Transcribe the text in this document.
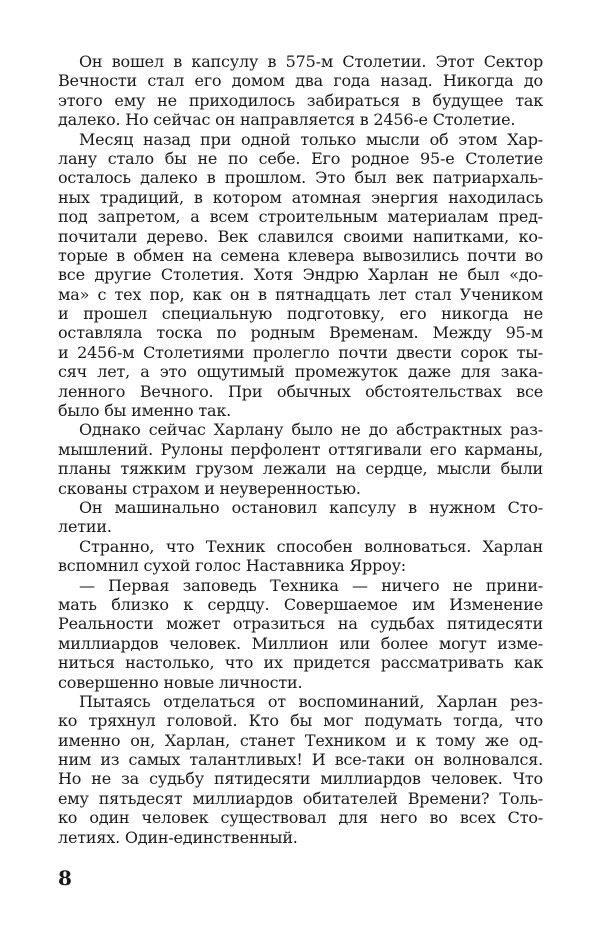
Он вошел в капсулу в 575-м Столетии. Этот Сектор
Вечности стал его домом два года назад. Никогда до
этого ему не приходилось забираться в будущее так
далеко. Но сейчас он направляется в 2456-е Столетие.
Месяц назад при одной только мысли об этом Хар-
лану стало бы не по себе. Его родное 95-е Столетие
осталось далеко в прошлом. Это был век патриархаль-
ных традиций, в котором атомная энергия находилась
под запретом, а всем строительным материалам пред-
почитали дерево. Век славился своими напитками, ко-
торые в обмен на семена клевера вывозились почти во
все другие Столетия. Хотя Эндрю Харлан не был «до-
ма» с тех пор, как он в пятнадцать лет стал Учеником
и прошел специальную подготовку, его никогда не
оставляла тоска по родным Временам. Между 95-м
и 2456-м Столетиями пролегло почти двести сорок ты-
сяч лет, а это ощутимый промежуток даже для зака-
ленного Вечного. При обычных обстоятельствах все
было бы именно так.
Однако сейчас Харлану было не до абстрактных раз-
мышлений. Рулоны перфолент оттягивали его карманы,
планы тяжким грузом лежали на сердце, мысли были
скованы страхом и неуверенностью.
Он машинально остановил капсулу в нужном Сто-
летии.
Странно, что Техник способен волноваться. Харлан
вспомнил сухой голос Наставника Ярроу:
— Первая заповедь Техника — ничего не прини-
мать близко к сердцу. Совершаемое им Изменение
Реальности может отразиться на судьбах пятидесяти
миллиардов человек. Миллион или более могут изме-
ниться настолько, что их придется рассматривать как
совершенно новые личности.
Пытаясь отделаться от воспоминаний, Харлан рез-
ко тряхнул головой. Кто бы мог подумать тогда, что
именно он, Харлан, станет Техником и к тому же од-
ним из самых талантливых! И все-таки он волновался.
Но не за судьбу пятидесяти миллиардов человек. Что
ему пятьдесят миллиардов обитателей Времени? Толь-
ко один человек существовал для него во всех Сто-
летиях. Один-единственный.
8
